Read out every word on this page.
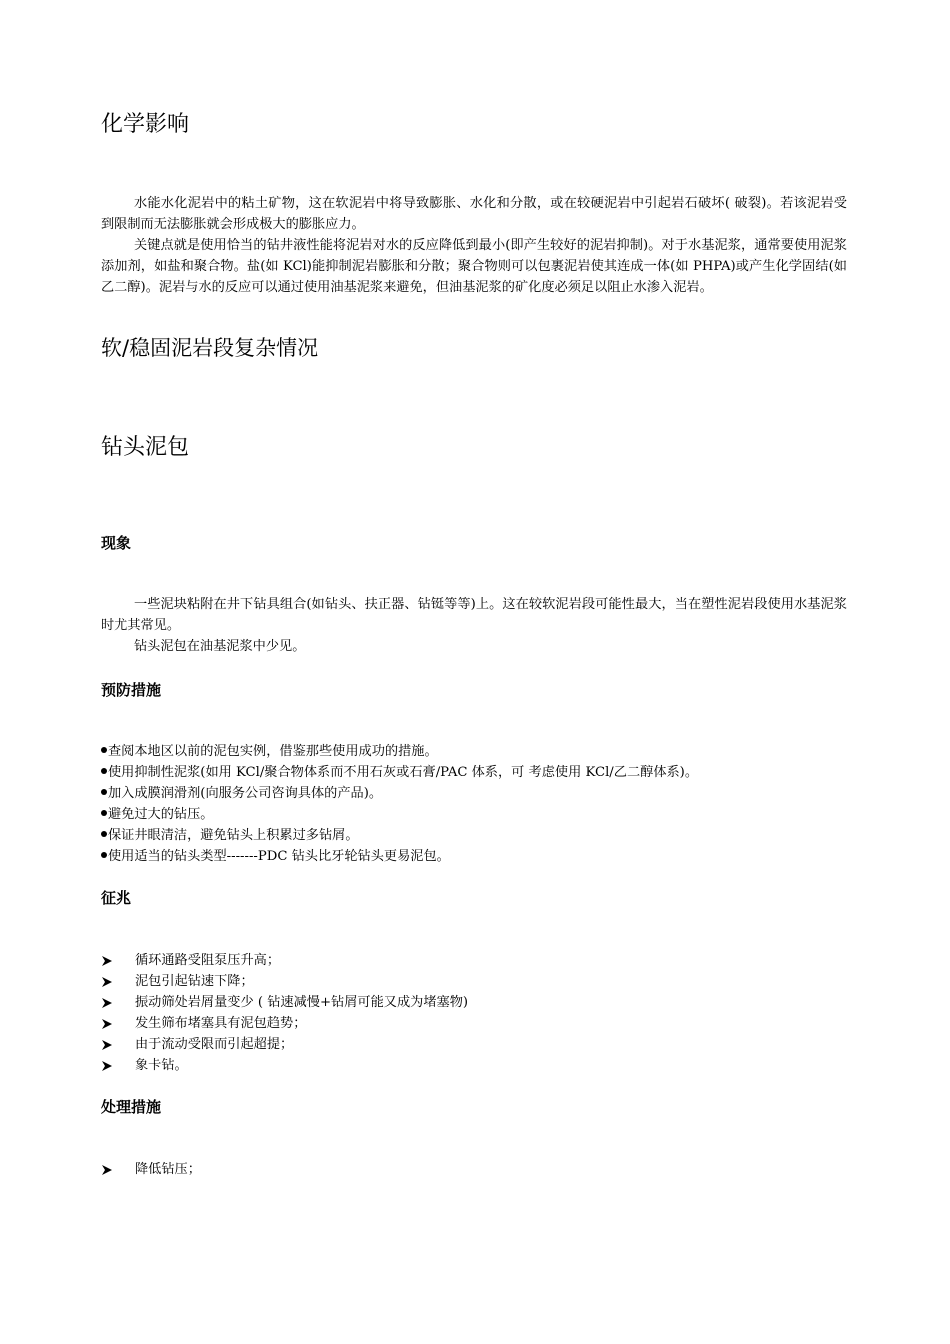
化学影响

水能水化泥岩中的粘土矿物，这在软泥岩中将导致膨胀、水化和分散，或在较硬泥岩中引起岩石破坏( 破裂)。若该泥岩受到限制而无法膨胀就会形成极大的膨胀应力。

关键点就是使用恰当的钻井液性能将泥岩对水的反应降低到最小(即产生较好的泥岩抑制)。对于水基泥浆，通常要使用泥浆添加剂，如盐和聚合物。盐(如 KCl)能抑制泥岩膨胀和分散；聚合物则可以包裹泥岩使其连成一体(如 PHPA)或产生化学固结(如乙二醇)。泥岩与水的反应可以通过使用油基泥浆来避免，但油基泥浆的矿化度必须足以阻止水渗入泥岩。

软/稳固泥岩段复杂情况
钻头泥包
现象

一些泥块粘附在井下钻具组合(如钻头、扶正器、钻铤等等)上。这在较软泥岩段可能性最大，当在塑性泥岩段使用水基泥浆时尤其常见。

钻头泥包在油基泥浆中少见。

预防措施
查阅本地区以前的泥包实例，借鉴那些使用成功的措施。
使用抑制性泥浆(如用 KCl/聚合物体系而不用石灰或石膏/PAC 体系，可 考虑使用 KCl/乙二醇体系)。
加入成膜润滑剂(向服务公司咨询具体的产品)。
避免过大的钻压。
保证井眼清洁，避免钻头上积累过多钻屑。
使用适当的钻头类型-------PDC 钻头比牙轮钻头更易泥包。
征兆
循环通路受阻泵压升高；
泥包引起钻速下降；
振动筛处岩屑量变少 ( 钻速减慢+钻屑可能又成为堵塞物)
发生筛布堵塞具有泥包趋势；
由于流动受限而引起超提；
象卡钻。
处理措施
降低钻压；
